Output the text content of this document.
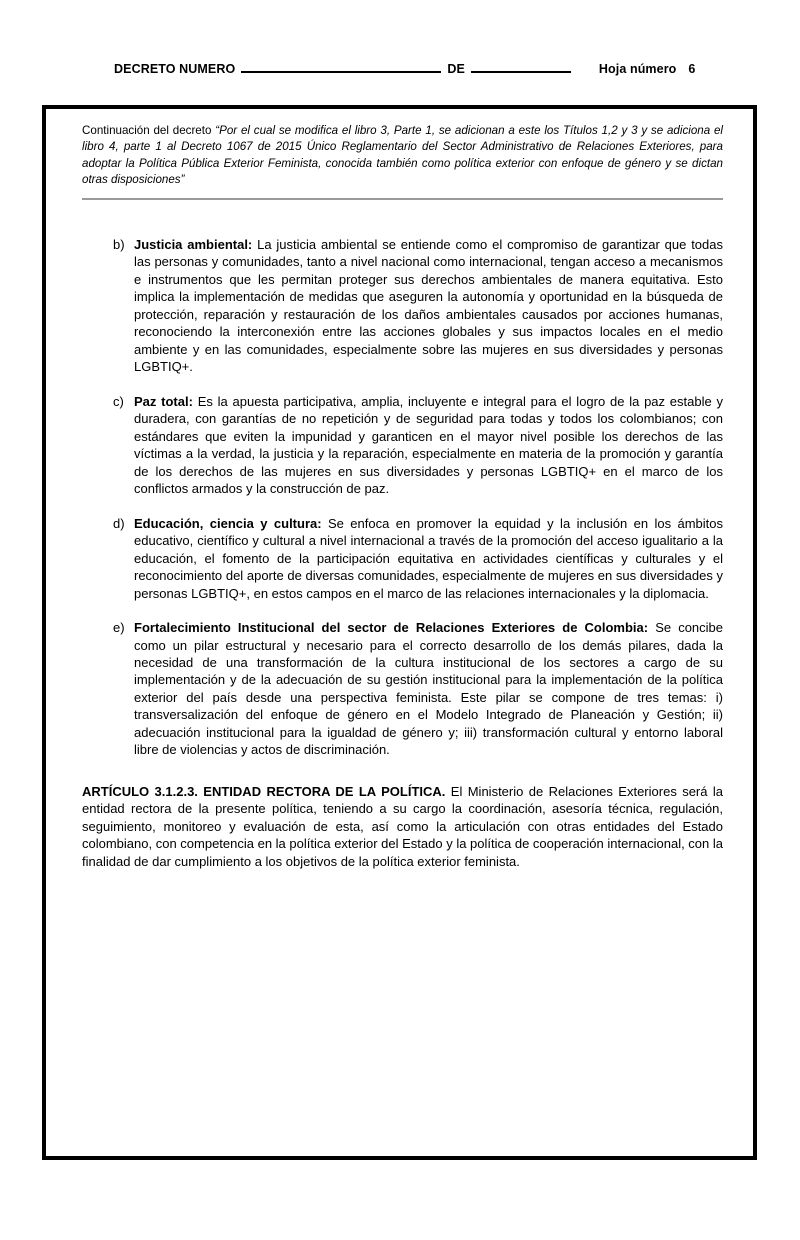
DECRETO NUMERO	DE	Hoja número 6
Continuación del decreto “Por el cual se modifica el libro 3, Parte 1, se adicionan a este los Títulos 1,2 y 3 y se adiciona el libro 4, parte 1 al Decreto 1067 de 2015 Único Reglamentario del Sector Administrativo de Relaciones Exteriores, para adoptar la Política Pública Exterior Feminista, conocida también como política exterior con enfoque de género y se dictan otras disposiciones”
b) Justicia ambiental: La justicia ambiental se entiende como el compromiso de garantizar que todas las personas y comunidades, tanto a nivel nacional como internacional, tengan acceso a mecanismos e instrumentos que les permitan proteger sus derechos ambientales de manera equitativa. Esto implica la implementación de medidas que aseguren la autonomía y oportunidad en la búsqueda de protección, reparación y restauración de los daños ambientales causados por acciones humanas, reconociendo la interconexión entre las acciones globales y sus impactos locales en el medio ambiente y en las comunidades, especialmente sobre las mujeres en sus diversidades y personas LGBTIQ+.
c) Paz total: Es la apuesta participativa, amplia, incluyente e integral para el logro de la paz estable y duradera, con garantías de no repetición y de seguridad para todas y todos los colombianos; con estándares que eviten la impunidad y garanticen en el mayor nivel posible los derechos de las víctimas a la verdad, la justicia y la reparación, especialmente en materia de la promoción y garantía de los derechos de las mujeres en sus diversidades y personas LGBTIQ+ en el marco de los conflictos armados y la construcción de paz.
d) Educación, ciencia y cultura: Se enfoca en promover la equidad y la inclusión en los ámbitos educativo, científico y cultural a nivel internacional a través de la promoción del acceso igualitario a la educación, el fomento de la participación equitativa en actividades científicas y culturales y el reconocimiento del aporte de diversas comunidades, especialmente de mujeres en sus diversidades y personas LGBTIQ+, en estos campos en el marco de las relaciones internacionales y la diplomacia.
e) Fortalecimiento Institucional del sector de Relaciones Exteriores de Colombia: Se concibe como un pilar estructural y necesario para el correcto desarrollo de los demás pilares, dada la necesidad de una transformación de la cultura institucional de los sectores a cargo de su implementación y de la adecuación de su gestión institucional para la implementación de la política exterior del país desde una perspectiva feminista. Este pilar se compone de tres temas: i) transversalización del enfoque de género en el Modelo Integrado de Planeación y Gestión; ii) adecuación institucional para la igualdad de género y; iii) transformación cultural y entorno laboral libre de violencias y actos de discriminación.

ARTÍCULO 3.1.2.3. ENTIDAD RECTORA DE LA POLÍTICA. El Ministerio de Relaciones Exteriores será la entidad rectora de la presente política, teniendo a su cargo la coordinación, asesoría técnica, regulación, seguimiento, monitoreo y evaluación de esta, así como la articulación con otras entidades del Estado colombiano, con competencia en la política exterior del Estado y la política de cooperación internacional, con la finalidad de dar cumplimiento a los objetivos de la política exterior feminista.
